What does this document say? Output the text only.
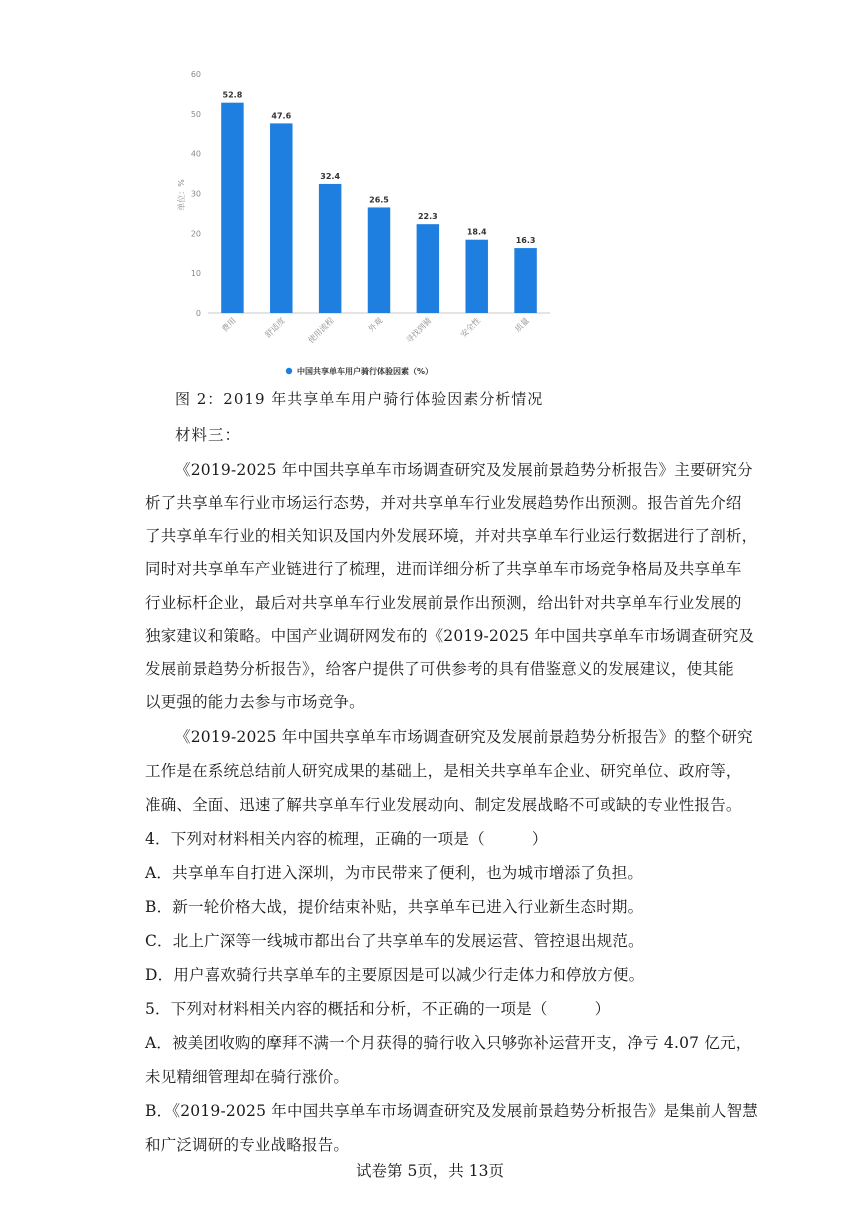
0
10
20
30
40
50
60
52.8
47.6
32.4
26.5
22.3
18.4
16.3
费用	舒适度 使用流程	外观 寻找到骑	安全性	质量
单位：%
中国共享单车用户骑行体验因素（%）
图 2：2019 年共享单车用户骑行体验因素分析情况
材料三：
《2019-2025 年中国共享单车市场调查研究及发展前景趋势分析报告》主要研究分
析了共享单车行业市场运行态势，并对共享单车行业发展趋势作出预测。报告首先介绍
了共享单车行业的相关知识及国内外发展环境，并对共享单车行业运行数据进行了剖析，
同时对共享单车产业链进行了梳理，进而详细分析了共享单车市场竞争格局及共享单车
行业标杆企业，最后对共享单车行业发展前景作出预测，给出针对共享单车行业发展的
独家建议和策略。中国产业调研网发布的《2019-2025 年中国共享单车市场调查研究及
发展前景趋势分析报告》，给客户提供了可供参考的具有借鉴意义的发展建议，使其能
以更强的能力去参与市场竞争。
《2019-2025 年中国共享单车市场调查研究及发展前景趋势分析报告》的整个研究
工作是在系统总结前人研究成果的基础上，是相关共享单车企业、研究单位、政府等，
准确、全面、迅速了解共享单车行业发展动向、制定发展战略不可或缺的专业性报告。
4．下列对材料相关内容的梳理，正确的一项是（　　　）
A．共享单车自打进入深圳，为市民带来了便利，也为城市增添了负担。
B．新一轮价格大战，提价结束补贴，共享单车已进入行业新生态时期。
C．北上广深等一线城市都出台了共享单车的发展运营、管控退出规范。
D．用户喜欢骑行共享单车的主要原因是可以减少行走体力和停放方便。
5．下列对材料相关内容的概括和分析，不正确的一项是（　　　）
A．被美团收购的摩拜不满一个月获得的骑行收入只够弥补运营开支，净亏 4.07 亿元，
未见精细管理却在骑行涨价。
B．《2019-2025 年中国共享单车市场调查研究及发展前景趋势分析报告》是集前人智慧
和广泛调研的专业战略报告。
试卷第 5页，共 13页
